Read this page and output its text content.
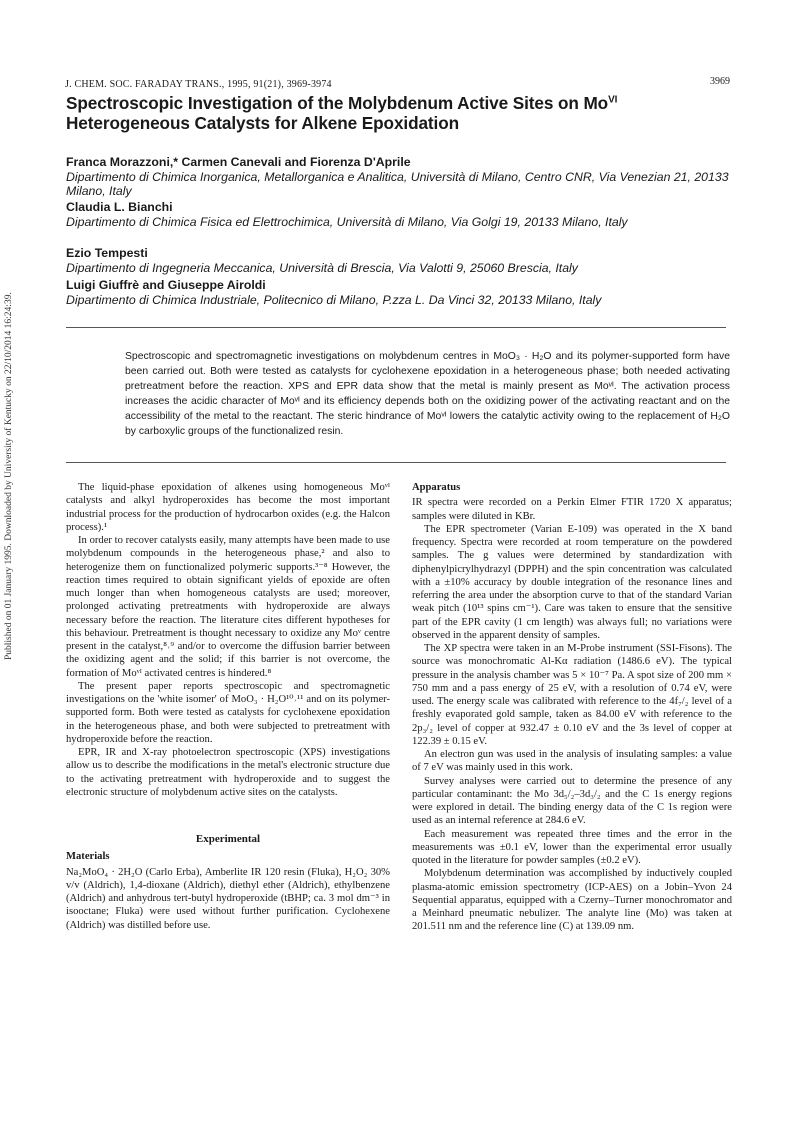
Published on 01 January 1995. Downloaded by University of Kentucky on 22/10/2014 16:24:39.
J. CHEM. SOC. FARADAY TRANS., 1995, 91(21), 3969-3974	3969
Spectroscopic Investigation of the Molybdenum Active Sites on $Mo^{VI}$
Heterogeneous Catalysts for Alkene Epoxidation
Franca Morazzoni,* Carmen Canevali and Fiorenza D'Aprile
Dipartimento di Chimica Inorganica, Metallorganica e Analitica, Università di Milano, Centro CNR, Via Venezian 21, 20133 Milano, Italy
Claudia L. Bianchi
Dipartimento di Chimica Fisica ed Elettrochimica, Università di Milano, Via Golgi 19, 20133 Milano, Italy
Ezio Tempesti
Dipartimento di Ingegneria Meccanica, Università di Brescia, Via Valotti 9, 25060 Brescia, Italy
Luigi Giuffrè and Giuseppe Airoldi
Dipartimento di Chimica Industriale, Politecnico di Milano, P.zza L. Da Vinci 32, 20133 Milano, Italy

Spectroscopic and spectromagnetic investigations on molybdenum centres in MoO₃ · H₂O and its polymer-supported form have been carried out. Both were tested as catalysts for cyclohexene epoxidation in a heterogeneous phase; both needed activating pretreatment before the reaction. XPS and EPR data show that the metal is mainly present as Moᵛᴵ. The activation process increases the acidic character of Moᵛᴵ and its efficiency depends both on the oxidizing power of the activating reactant and on the accessibility of the metal to the reactant. The steric hindrance of Moᵛᴵ lowers the catalytic activity owing to the replacement of H₂O by carboxylic groups of the functionalized resin.

The liquid-phase epoxidation of alkenes using homogeneous Moᵛᴵ catalysts and alkyl hydroperoxides has become the most important industrial process for the production of hydrocarbon oxides (e.g. the Halcon process).¹

In order to recover catalysts easily, many attempts have been made to use molybdenum compounds in the heterogeneous phase,² and also to heterogenize them on functionalized polymeric supports.³⁻⁸ However, the reaction times required to obtain significant yields of epoxide are often much longer than when homogeneous catalysts are used; moreover, prolonged activating pretreatments with hydroperoxide are always necessary before the reaction. The literature cites different hypotheses for this behaviour. Pretreatment is thought necessary to oxidize any Moᵛ centre present in the catalyst,⁸˒⁹ and/or to overcome the diffusion barrier between the oxidizing agent and the solid; if this barrier is not overcome, the formation of Moᵛᴵ activated centres is hindered.⁸

The present paper reports spectroscopic and spectromagnetic investigations on the 'white isomer' of MoO₃ · H₂O¹⁰˒¹¹ and on its polymer-supported form. Both were tested as catalysts for cyclohexene epoxidation in the heterogeneous phase, and both were subjected to pretreatment with hydroperoxide before the reaction.

EPR, IR and X-ray photoelectron spectroscopic (XPS) investigations allow us to describe the modifications in the metal's electronic structure due to the activating pretreatment with hydroperoxide and to suggest the electronic structure of molybdenum active sites on the catalysts.

Experimental

Materials

Na₂MoO₄ · 2H₂O (Carlo Erba), Amberlite IR 120 resin (Fluka), H₂O₂ 30% v/v (Aldrich), 1,4-dioxane (Aldrich), diethyl ether (Aldrich), ethylbenzene (Aldrich) and anhydrous tert-butyl hydroperoxide (tBHP; ca. 3 mol dm⁻³ in isooctane; Fluka) were used without further purification. Cyclohexene (Aldrich) was distilled before use.

Apparatus

IR spectra were recorded on a Perkin Elmer FTIR 1720 X apparatus; samples were diluted in KBr.

The EPR spectrometer (Varian E-109) was operated in the X band frequency. Spectra were recorded at room temperature on the powdered samples. The g values were determined by standardization with diphenylpicrylhydrazyl (DPPH) and the spin concentration was calculated with a ±10% accuracy by double integration of the resonance lines and referring the area under the absorption curve to that of the standard Varian weak pitch (10¹³ spins cm⁻¹). Care was taken to ensure that the sensitive part of the EPR cavity (1 cm length) was always full; no variations were observed in the apparent density of samples.

The XP spectra were taken in an M-Probe instrument (SSI-Fisons). The source was monochromatic Al-Kα radiation (1486.6 eV). The typical pressure in the analysis chamber was 5 × 10⁻⁷ Pa. A spot size of 200 mm × 750 mm and a pass energy of 25 eV, with a resolution of 0.74 eV, were used. The energy scale was calibrated with reference to the 4f₇/₂ level of a freshly evaporated gold sample, taken as 84.00 eV with reference to the 2p₃/₂ level of copper at 932.47 ± 0.10 eV and the 3s level of copper at 122.39 ± 0.15 eV.

An electron gun was used in the analysis of insulating samples: a value of 7 eV was mainly used in this work.

Survey analyses were carried out to determine the presence of any particular contaminant: the Mo 3d₅/₂–3d₃/₂ and the C 1s energy regions were explored in detail. The binding energy data of the C 1s region were used as an internal reference at 284.6 eV.

Each measurement was repeated three times and the error in the measurements was ±0.1 eV, lower than the experimental error usually quoted in the literature for powder samples (±0.2 eV).

Molybdenum determination was accomplished by inductively coupled plasma-atomic emission spectrometry (ICP-AES) on a Jobin–Yvon 24 Sequential apparatus, equipped with a Czerny–Turner monochromator and a Meinhard pneumatic nebulizer. The analyte line (Mo) was taken at 201.511 nm and the reference line (C) at 139.09 nm.
